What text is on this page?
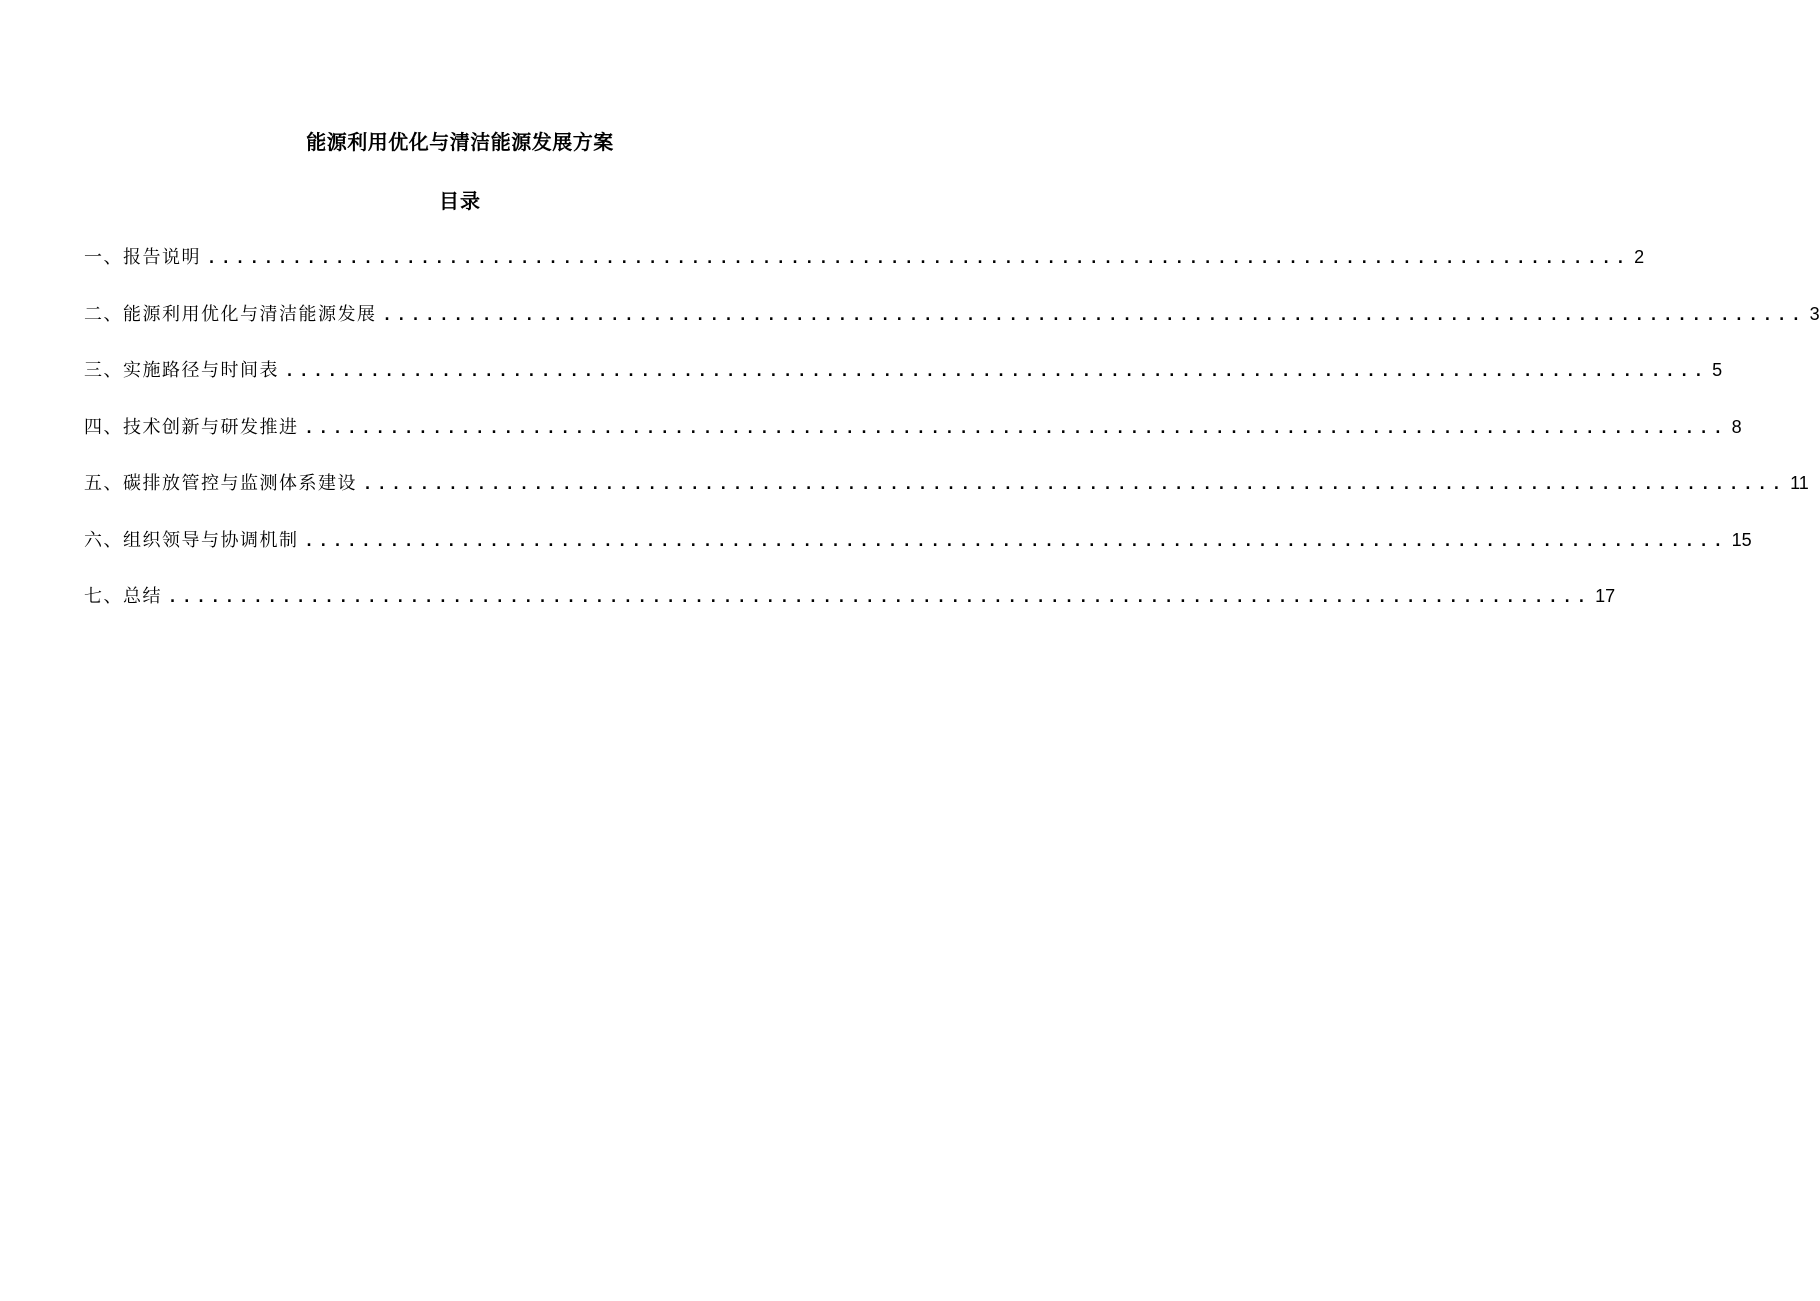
能源利用优化与清洁能源发展方案
目录
一、报告说明 .................................................................................................... 2
二、能源利用优化与清洁能源发展 .................................................................................................... 3
三、实施路径与时间表 .................................................................................................... 5
四、技术创新与研发推进 .................................................................................................... 8
五、碳排放管控与监测体系建设 .................................................................................................... 11
六、组织领导与协调机制 .................................................................................................... 15
七、总结 .................................................................................................... 17
